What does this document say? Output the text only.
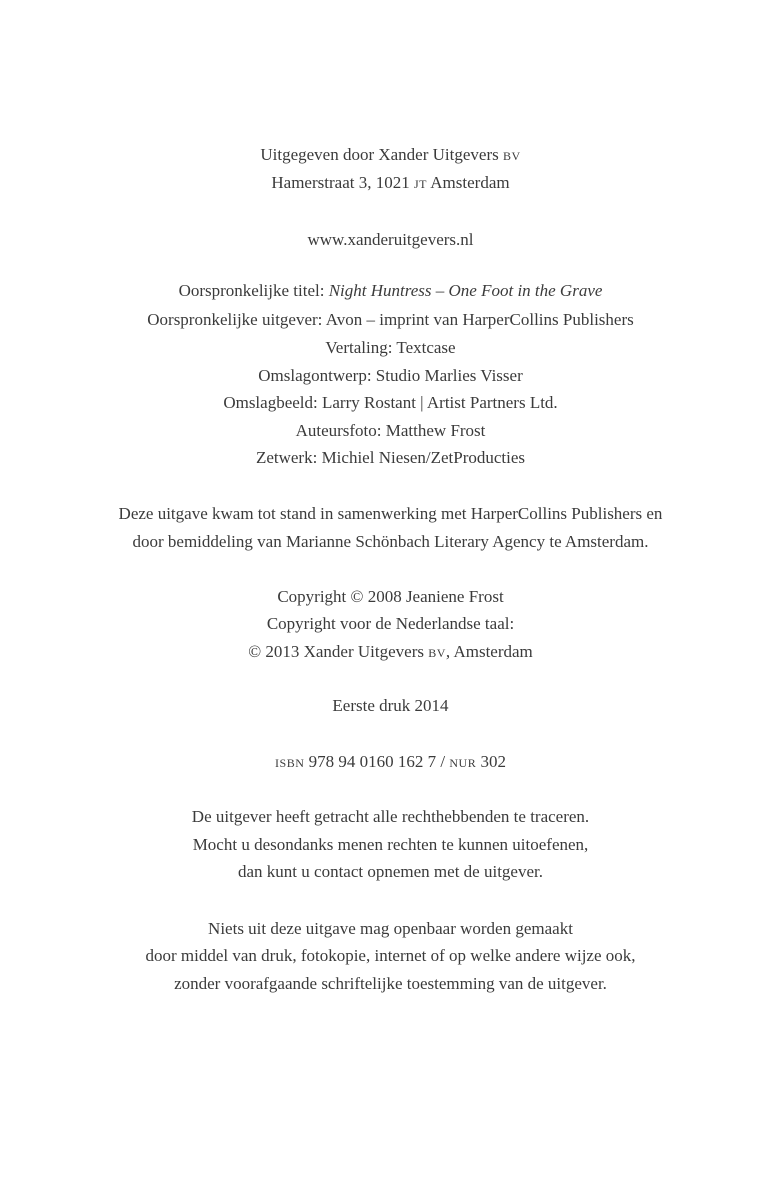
Uitgegeven door Xander Uitgevers bv
Hamerstraat 3, 1021 jt Amsterdam
www.xanderuitgevers.nl
Oorspronkelijke titel: Night Huntress – One Foot in the Grave
Oorspronkelijke uitgever: Avon – imprint van HarperCollins Publishers
Vertaling: Textcase
Omslagontwerp: Studio Marlies Visser
Omslagbeeld: Larry Rostant | Artist Partners Ltd.
Auteursfoto: Matthew Frost
Zetwerk: Michiel Niesen/ZetProducties
Deze uitgave kwam tot stand in samenwerking met HarperCollins Publishers en
door bemiddeling van Marianne Schönbach Literary Agency te Amsterdam.
Copyright © 2008 Jeaniene Frost
Copyright voor de Nederlandse taal:
© 2013 Xander Uitgevers bv, Amsterdam
Eerste druk 2014
isbn 978 94 0160 162 7 / nur 302
De uitgever heeft getracht alle rechthebbenden te traceren.
Mocht u desondanks menen rechten te kunnen uitoefenen,
dan kunt u contact opnemen met de uitgever.
Niets uit deze uitgave mag openbaar worden gemaakt
door middel van druk, fotokopie, internet of op welke andere wijze ook,
zonder voorafgaande schriftelijke toestemming van de uitgever.
